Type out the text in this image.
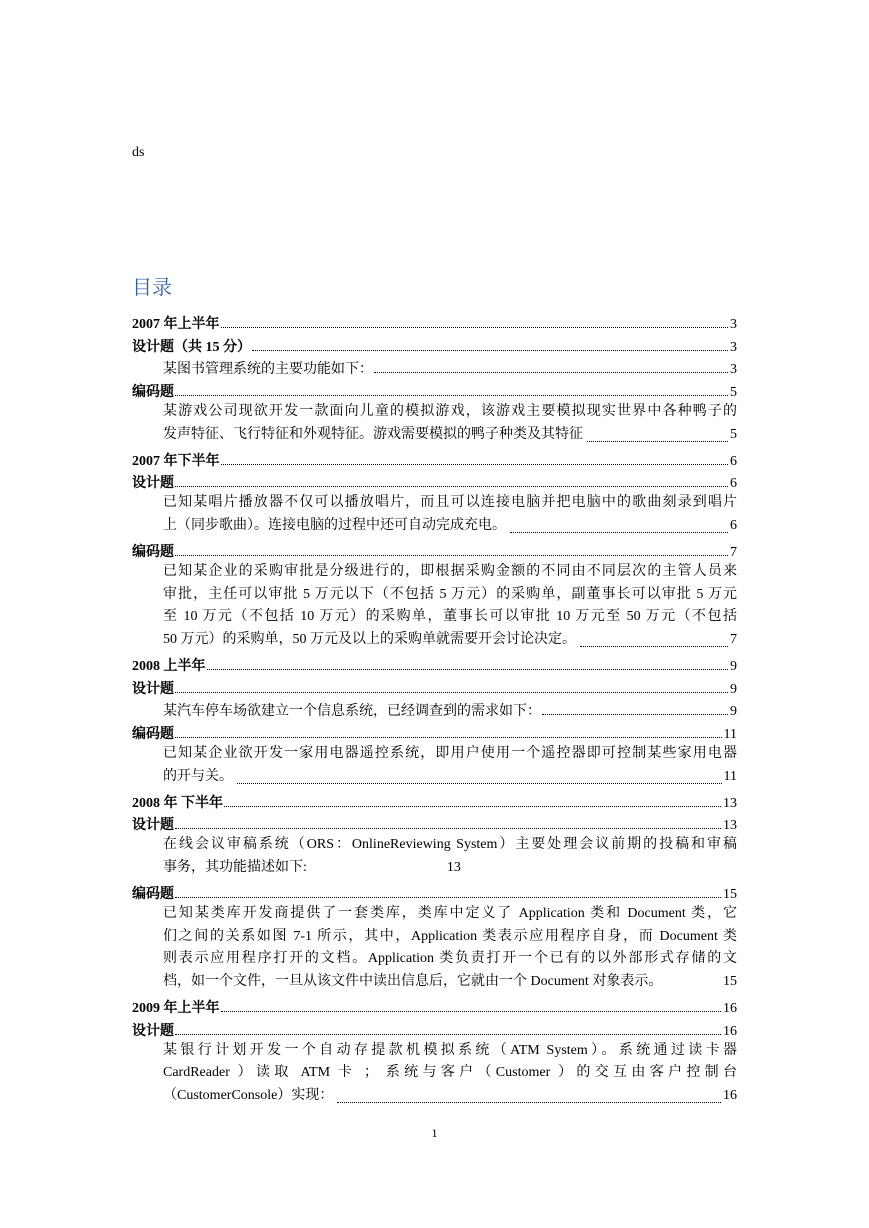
ds
目录
2007 年上半年	3
设计题（共 15 分）	3
某图书管理系统的主要功能如下：	3
编码题	5
某游戏公司现欲开发一款面向儿童的模拟游戏，该游戏主要模拟现实世界中各种鸭子的
发声特征、飞行特征和外观特征。游戏需要模拟的鸭子种类及其特征	5
2007 年下半年	6
设计题	6
已知某唱片播放器不仅可以播放唱片，而且可以连接电脑并把电脑中的歌曲刻录到唱片
上（同步歌曲）。连接电脑的过程中还可自动完成充电。	6
编码题	7
已知某企业的采购审批是分级进行的，即根据采购金额的不同由不同层次的主管人员来
审批，主任可以审批 5 万元以下（不包括 5 万元）的采购单，副董事长可以审批 5 万元
至 10 万元（不包括 10 万元）的采购单，董事长可以审批 10 万元至 50 万元（不包括
50 万元）的采购单，50 万元及以上的采购单就需要开会讨论决定。	7
2008 上半年	9
设计题	9
某汽车停车场欲建立一个信息系统，已经调查到的需求如下：	9
编码题	11
已知某企业欲开发一家用电器遥控系统，即用户使用一个遥控器即可控制某些家用电器
的开与关。	11
2008 年 下半年	13
设计题	13
在线会议审稿系统（ORS：OnlineReviewing System）主要处理会议前期的投稿和审稿
事务，其功能描述如下:	13
编码题	15
已知某类库开发商提供了一套类库，类库中定义了 Application 类和 Document 类，它
们之间的关系如图 7-1 所示，其中，Application 类表示应用程序自身，而 Document 类
则表示应用程序打开的文档。Application 类负责打开一个已有的以外部形式存储的文
档，如一个文件，一旦从该文件中读出信息后，它就由一个 Document 对象表示。	15
2009 年上半年	16
设计题	16
某银行计划开发一个自动存提款机模拟系统（ATM System）。系统通过读卡器
CardReader ）读取 ATM 卡 ； 系统与客户（Customer ）的交互由客户控制台
（CustomerConsole）实现：	16
1
